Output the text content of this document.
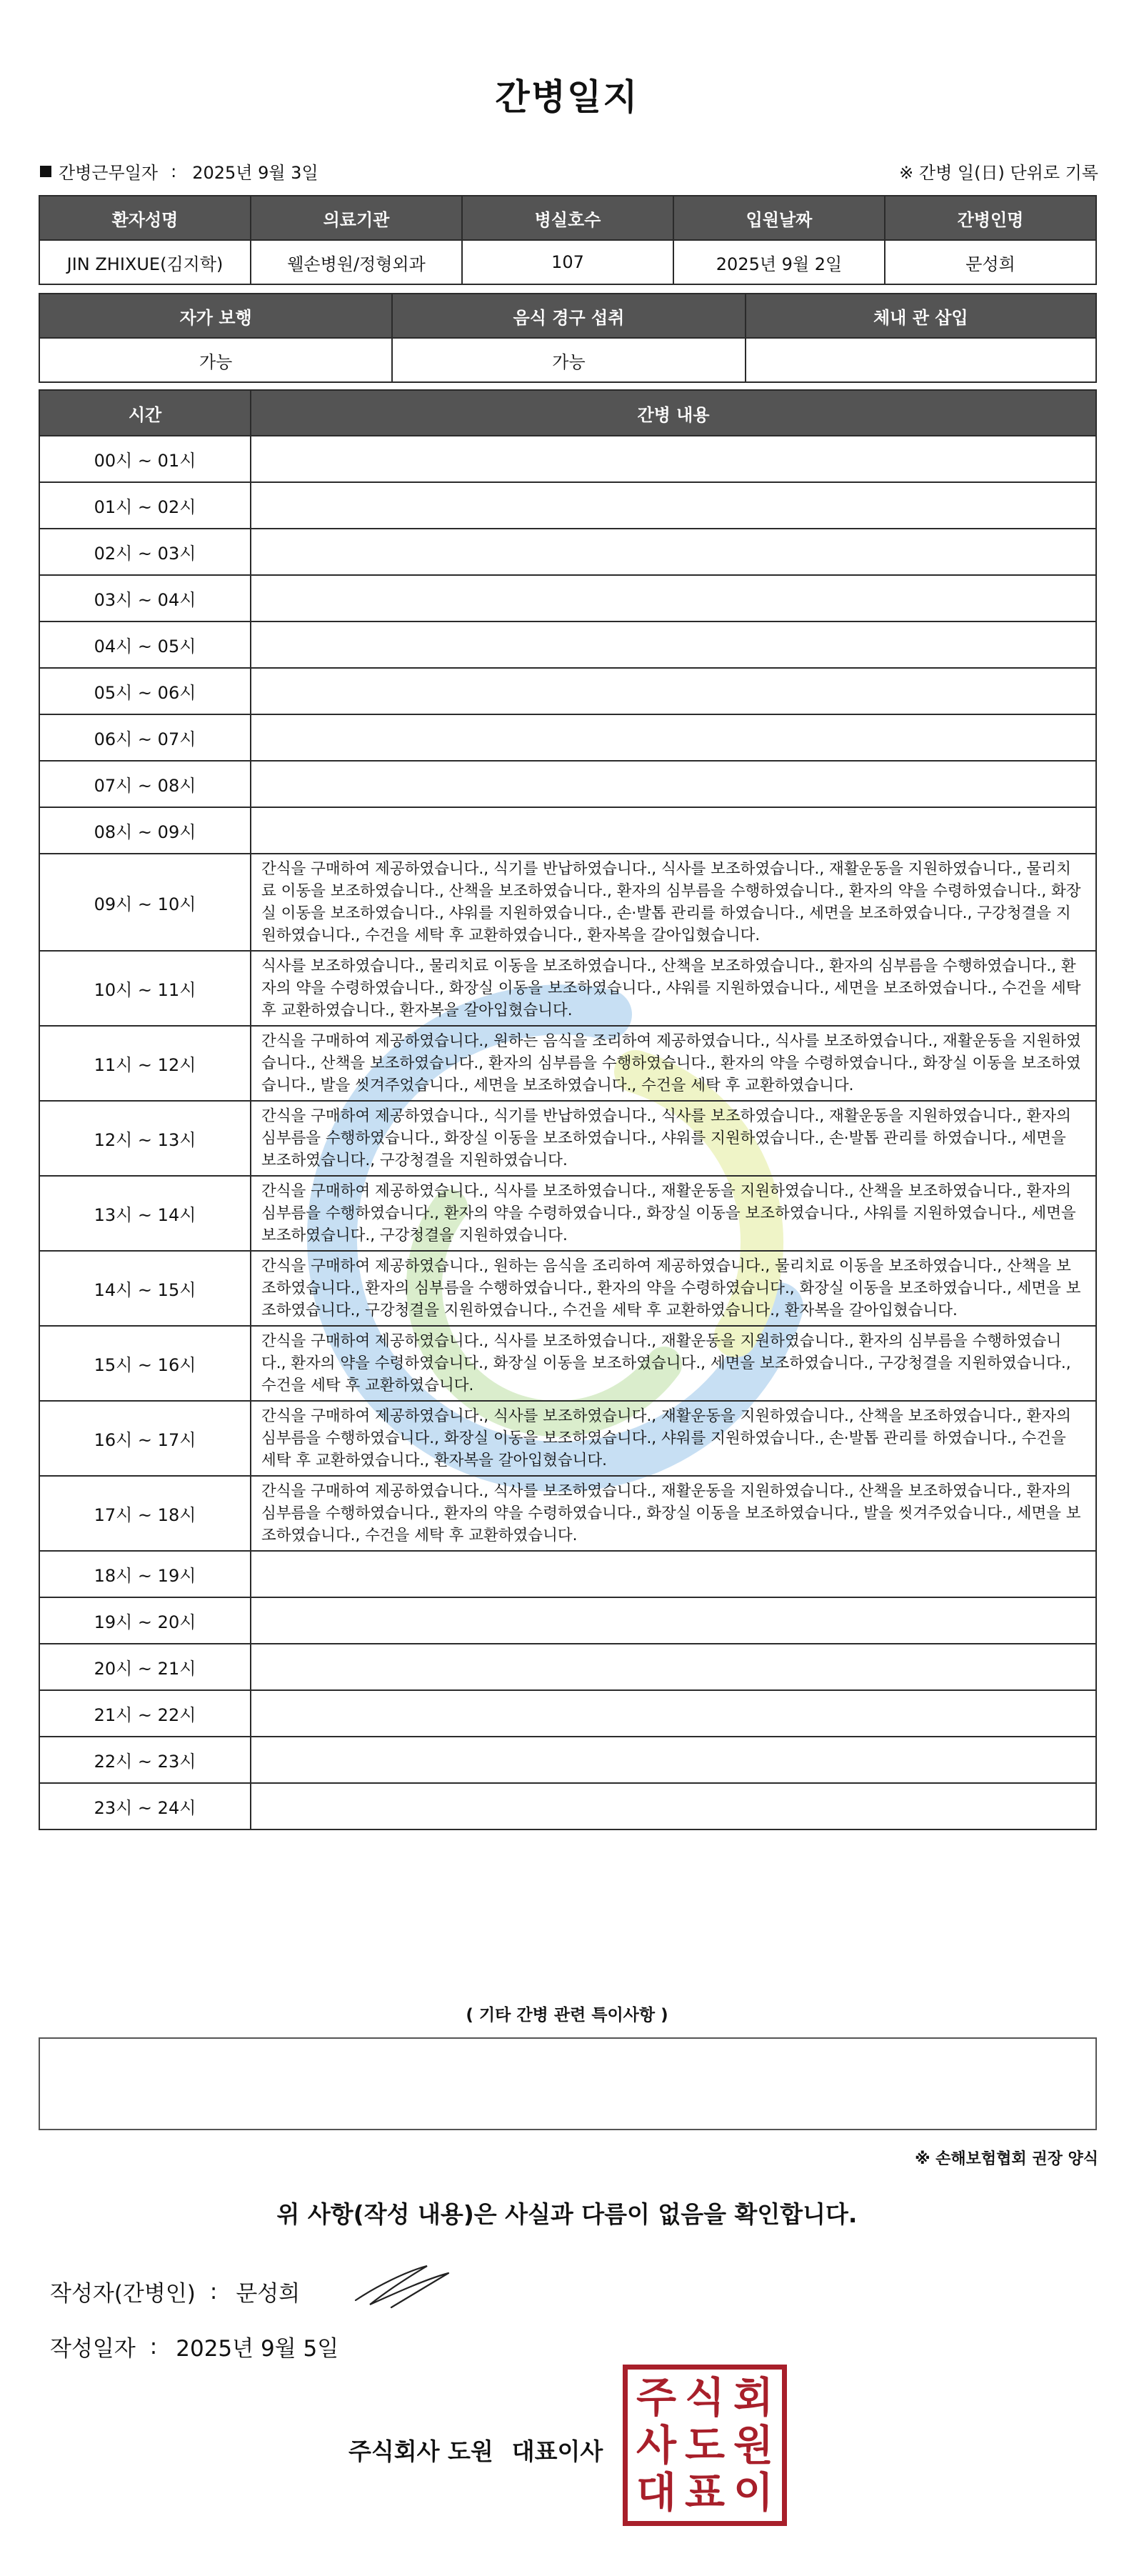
간병일지
간병근무일자 : 2025년 9월 3일	※ 간병 일(日) 단위로 기록
환자성명	의료기관	병실호수	입원날짜	간병인명
JIN ZHIXUE(김지학)	웰손병원/정형외과	107	2025년 9월 2일	문성희
자가 보행	음식 경구 섭취	체내 관 삽입
가능	가능	
시간	간병 내용
00시 ~ 01시	
01시 ~ 02시	
02시 ~ 03시	
03시 ~ 04시	
04시 ~ 05시	
05시 ~ 06시	
06시 ~ 07시	
07시 ~ 08시	
08시 ~ 09시	
09시 ~ 10시	간식을 구매하여 제공하였습니다., 식기를 반납하였습니다., 식사를 보조하였습니다., 재활운동을 지원하였습니다., 물리치료 이동을 보조하였습니다., 산책을 보조하였습니다., 환자의 심부름을 수행하였습니다., 환자의 약을 수령하였습니다., 화장실 이동을 보조하였습니다., 샤워를 지원하였습니다., 손·발톱 관리를 하였습니다., 세면을 보조하였습니다., 구강청결을 지원하였습니다., 수건을 세탁 후 교환하였습니다., 환자복을 갈아입혔습니다.
10시 ~ 11시	식사를 보조하였습니다., 물리치료 이동을 보조하였습니다., 산책을 보조하였습니다., 환자의 심부름을 수행하였습니다., 환자의 약을 수령하였습니다., 화장실 이동을 보조하였습니다., 샤워를 지원하였습니다., 세면을 보조하였습니다., 수건을 세탁 후 교환하였습니다., 환자복을 갈아입혔습니다.
11시 ~ 12시	간식을 구매하여 제공하였습니다., 원하는 음식을 조리하여 제공하였습니다., 식사를 보조하였습니다., 재활운동을 지원하였습니다., 산책을 보조하였습니다., 환자의 심부름을 수행하였습니다., 환자의 약을 수령하였습니다., 화장실 이동을 보조하였습니다., 발을 씻겨주었습니다., 세면을 보조하였습니다., 수건을 세탁 후 교환하였습니다.
12시 ~ 13시	간식을 구매하여 제공하였습니다., 식기를 반납하였습니다., 식사를 보조하였습니다., 재활운동을 지원하였습니다., 환자의 심부름을 수행하였습니다., 화장실 이동을 보조하였습니다., 샤워를 지원하였습니다., 손·발톱 관리를 하였습니다., 세면을 보조하였습니다., 구강청결을 지원하였습니다.
13시 ~ 14시	간식을 구매하여 제공하였습니다., 식사를 보조하였습니다., 재활운동을 지원하였습니다., 산책을 보조하였습니다., 환자의 심부름을 수행하였습니다., 환자의 약을 수령하였습니다., 화장실 이동을 보조하였습니다., 샤워를 지원하였습니다., 세면을 보조하였습니다., 구강청결을 지원하였습니다.
14시 ~ 15시	간식을 구매하여 제공하였습니다., 원하는 음식을 조리하여 제공하였습니다., 물리치료 이동을 보조하였습니다., 산책을 보조하였습니다., 환자의 심부름을 수행하였습니다., 환자의 약을 수령하였습니다., 화장실 이동을 보조하였습니다., 세면을 보조하였습니다., 구강청결을 지원하였습니다., 수건을 세탁 후 교환하였습니다., 환자복을 갈아입혔습니다.
15시 ~ 16시	간식을 구매하여 제공하였습니다., 식사를 보조하였습니다., 재활운동을 지원하였습니다., 환자의 심부름을 수행하였습니다., 환자의 약을 수령하였습니다., 화장실 이동을 보조하였습니다., 세면을 보조하였습니다., 구강청결을 지원하였습니다., 수건을 세탁 후 교환하였습니다.
16시 ~ 17시	간식을 구매하여 제공하였습니다., 식사를 보조하였습니다., 재활운동을 지원하였습니다., 산책을 보조하였습니다., 환자의 심부름을 수행하였습니다., 화장실 이동을 보조하였습니다., 샤워를 지원하였습니다., 손·발톱 관리를 하였습니다., 수건을 세탁 후 교환하였습니다., 환자복을 갈아입혔습니다.
17시 ~ 18시	간식을 구매하여 제공하였습니다., 식사를 보조하였습니다., 재활운동을 지원하였습니다., 산책을 보조하였습니다., 환자의 심부름을 수행하였습니다., 환자의 약을 수령하였습니다., 화장실 이동을 보조하였습니다., 발을 씻겨주었습니다., 세면을 보조하였습니다., 수건을 세탁 후 교환하였습니다.
18시 ~ 19시	
19시 ~ 20시	
20시 ~ 21시	
21시 ~ 22시	
22시 ~ 23시	
23시 ~ 24시	
( 기타 간병 관련 특이사항 )
※ 손해보험협회 권장 양식
위 사항(작성 내용)은 사실과 다름이 없음을 확인합니다.
작성자(간병인) : 문성희
작성일자 : 2025년 9월 5일
주식회사 도원 대표이사
주 식 회
사 도 원
대 표 이
